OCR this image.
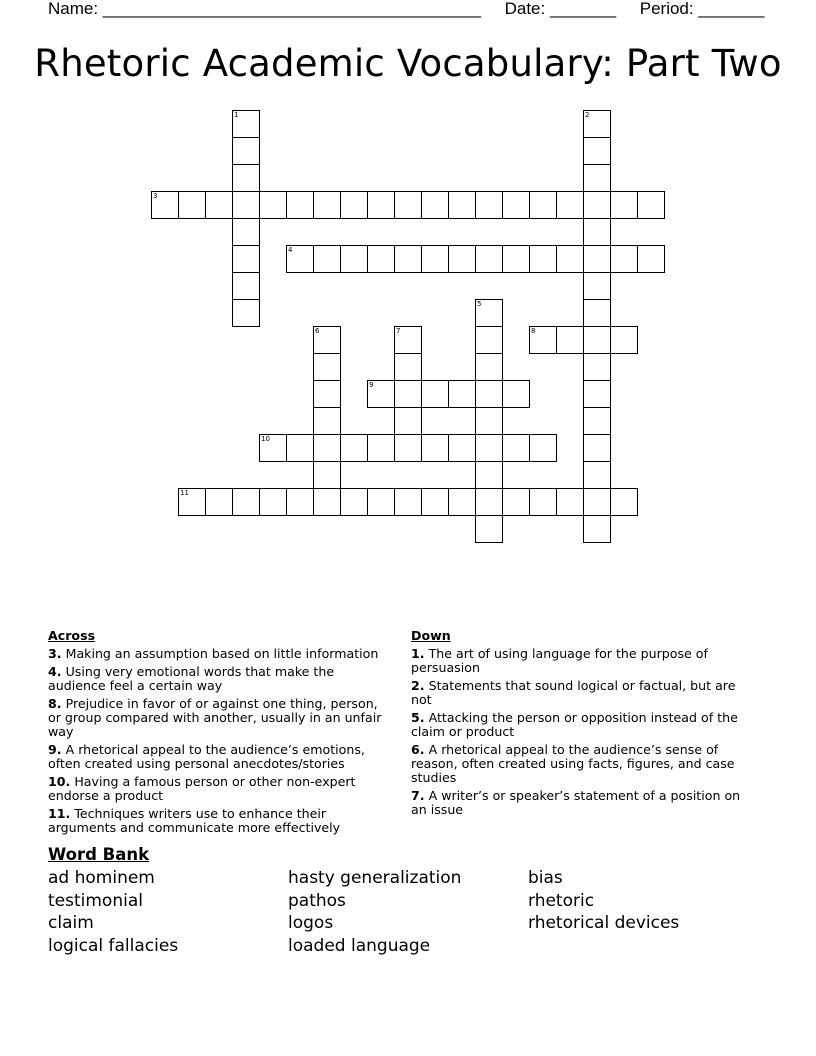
Name: ________________________________________     Date: _______     Period: _______
Rhetoric Academic Vocabulary: Part Two
1	2
3
4
5
6	7	8
9
10
11
Across
3. Making an assumption based on little information
4. Using very emotional words that make the audience feel a certain way
8. Prejudice in favor of or against one thing, person, or group compared with another, usually in an unfair way
9. A rhetorical appeal to the audience’s emotions, often created using personal anecdotes/stories
10. Having a famous person or other non-expert endorse a product
11. Techniques writers use to enhance their arguments and communicate more effectively
Down
1. The art of using language for the purpose of persuasion
2. Statements that sound logical or factual, but are not
5. Attacking the person or opposition instead of the claim or product
6. A rhetorical appeal to the audience’s sense of reason, often created using facts, figures, and case studies
7. A writer’s or speaker’s statement of a position on an issue
Word Bank
ad hominem	hasty generalization	bias
testimonial	pathos	rhetoric
claim	logos	rhetorical devices
logical fallacies	loaded language
